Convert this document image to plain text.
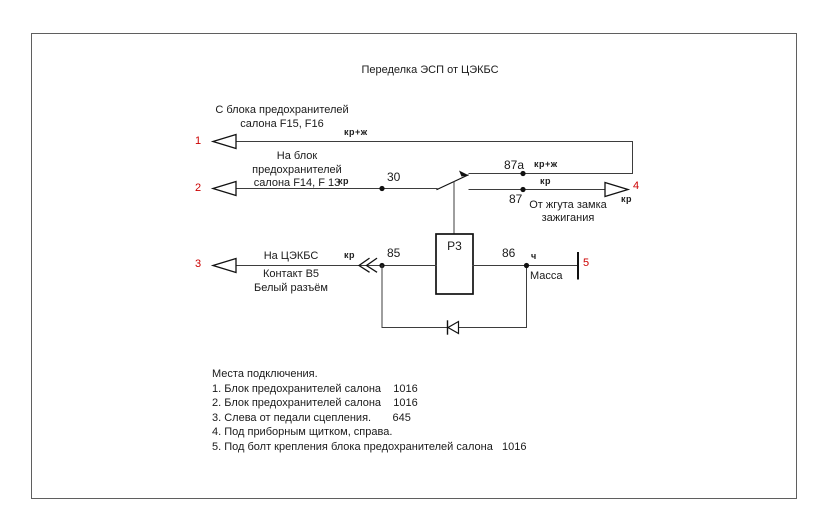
Переделка ЭСП от ЦЭКБС
1
2
3
4
5
С блока предохранителей
салона F15, F16
кр+ж
На блок
предохранителей
салона F14, F 13
кр	30
87а кр+ж
кр
87	кр
От жгута замка
зажигания
На ЦЭКБС
Контакт В5
Белый разъём
кр	85	Р3	86 ч
Масса
Места подключения.
1. Блок предохранителей салона    1016
2. Блок предохранителей салона    1016
3. Слева от педали сцепления.       645
4. Под приборным щитком, справа.
5. Под болт крепления блока предохранителей салона   1016
